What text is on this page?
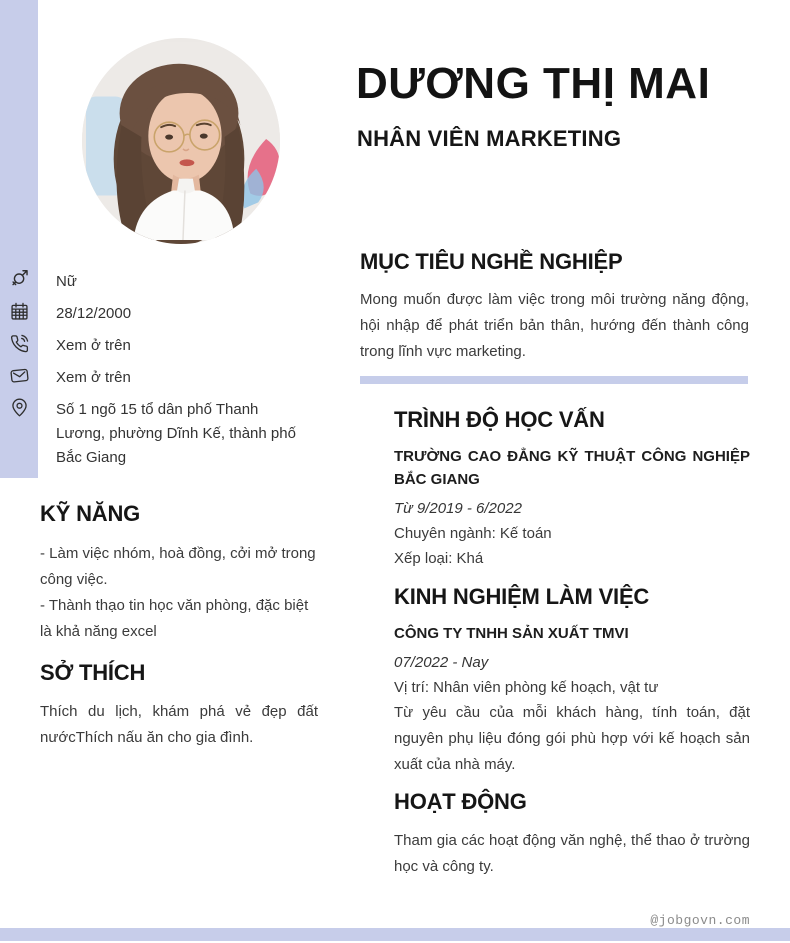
DƯƠNG THỊ MAI
NHÂN VIÊN MARKETING
Nữ
28/12/2000
Xem ở trên
Xem ở trên
Số 1 ngõ 15 tổ dân phố Thanh Lương, phường Dĩnh Kế, thành phố Bắc Giang
KỸ NĂNG
- Làm việc nhóm, hoà đồng, cởi mở trong công việc.
- Thành thạo tin học văn phòng, đặc biệt là khả năng excel
SỞ THÍCH
Thích du lịch, khám phá vẻ đẹp đất nướcThích nấu ăn cho gia đình.
MỤC TIÊU NGHỀ NGHIỆP
Mong muốn được làm việc trong môi trường năng động, hội nhập để phát triển bản thân, hướng đến thành công trong lĩnh vực marketing.
TRÌNH ĐỘ HỌC VẤN
TRƯỜNG CAO ĐẲNG KỸ THUẬT CÔNG NGHIỆP BẮC GIANG
Từ 9/2019 - 6/2022
Chuyên ngành: Kế toán
Xếp loại: Khá
KINH NGHIỆM LÀM VIỆC
CÔNG TY TNHH SẢN XUẤT TMVI
07/2022 - Nay
Vị trí: Nhân viên phòng kế hoạch, vật tư
Từ yêu cầu của mỗi khách hàng, tính toán, đặt nguyên phụ liệu đóng gói phù hợp với kế hoạch sản xuất của nhà máy.
HOẠT ĐỘNG
Tham gia các hoạt động văn nghệ, thể thao ở trường học và công ty.
@jobgovn.com
